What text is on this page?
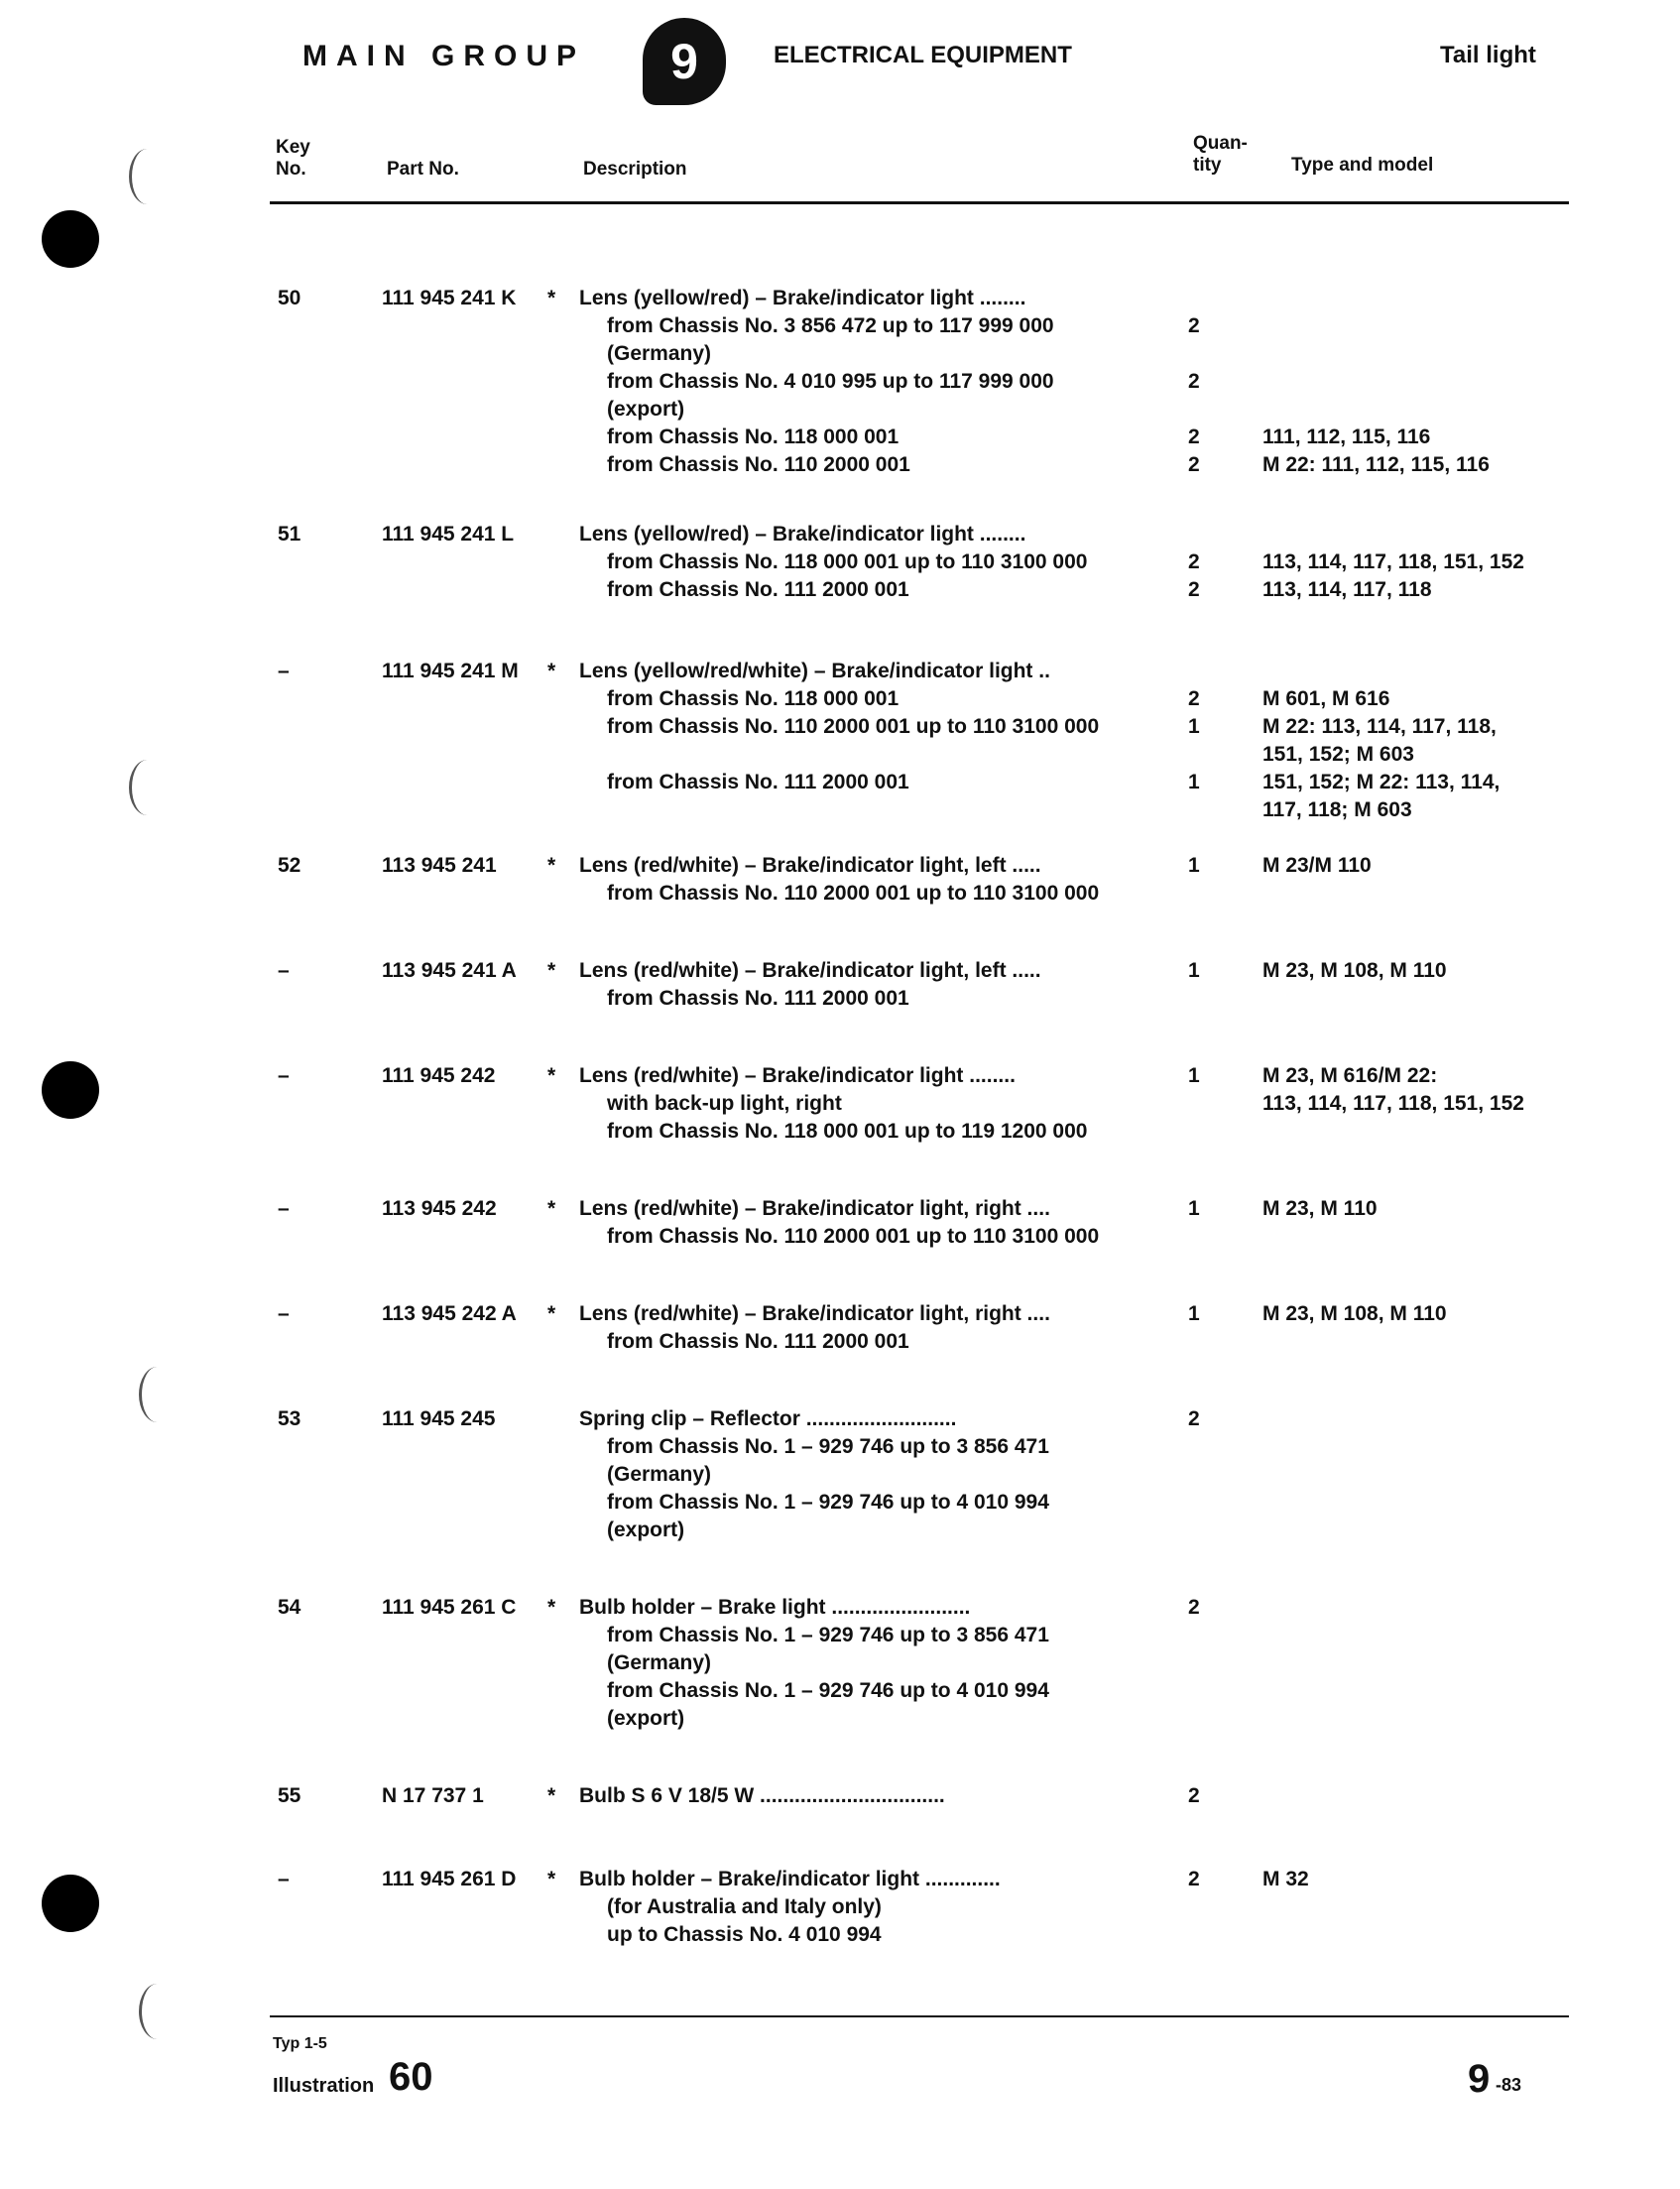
MAIN GROUP	9	ELECTRICAL EQUIPMENT	Tail light
Key
No.	Part No.	Description
Quan-
tity	Type and model
50	111 945 241 K * Lens (yellow/red) – Brake/indicator light ........
from Chassis No. 3 856 472 up to 117 999 000	2
(Germany)
from Chassis No. 4 010 995 up to 117 999 000	2
(export)
from Chassis No. 118 000 001	2	111, 112, 115, 116
from Chassis No. 110 2000 001	2	M 22: 111, 112, 115, 116
51	111 945 241 L	Lens (yellow/red) – Brake/indicator light ........
from Chassis No. 118 000 001 up to 110 3100 000	2	113, 114, 117, 118, 151, 152
from Chassis No. 111 2000 001	2	113, 114, 117, 118
–	111 945 241 M * Lens (yellow/red/white) – Brake/indicator light ..
from Chassis No. 118 000 001	2	M 601, M 616
from Chassis No. 110 2000 001 up to 110 3100 000	1	M 22: 113, 114, 117, 118,
151, 152; M 603
from Chassis No. 111 2000 001	1	151, 152; M 22: 113, 114,
117, 118; M 603
52	113 945 241 * Lens (red/white) – Brake/indicator light, left .....	1	M 23/M 110
from Chassis No. 110 2000 001 up to 110 3100 000
–	113 945 241 A * Lens (red/white) – Brake/indicator light, left .....	1	M 23, M 108, M 110
from Chassis No. 111 2000 001
–	111 945 242	* Lens (red/white) – Brake/indicator light ........	1	M 23, M 616/M 22:
with back-up light, right	113, 114, 117, 118, 151, 152
from Chassis No. 118 000 001 up to 119 1200 000
–	113 945 242 * Lens (red/white) – Brake/indicator light, right ....	1	M 23, M 110
from Chassis No. 110 2000 001 up to 110 3100 000
–	113 945 242 A * Lens (red/white) – Brake/indicator light, right ....	1	M 23, M 108, M 110
from Chassis No. 111 2000 001
53	111 945 245	Spring clip – Reflector ..........................	2
from Chassis No. 1 – 929 746 up to 3 856 471
(Germany)
from Chassis No. 1 – 929 746 up to 4 010 994
(export)
54	111 945 261 C * Bulb holder – Brake light ........................	2
from Chassis No. 1 – 929 746 up to 3 856 471
(Germany)
from Chassis No. 1 – 929 746 up to 4 010 994
(export)
55	N 17 737 1	* Bulb S 6 V 18/5 W ................................	2
–	111 945 261 D * Bulb holder – Brake/indicator light .............	2	M 32
(for Australia and Italy only)
up to Chassis No. 4 010 994
Typ 1-5
Illustration 60	9 -83
